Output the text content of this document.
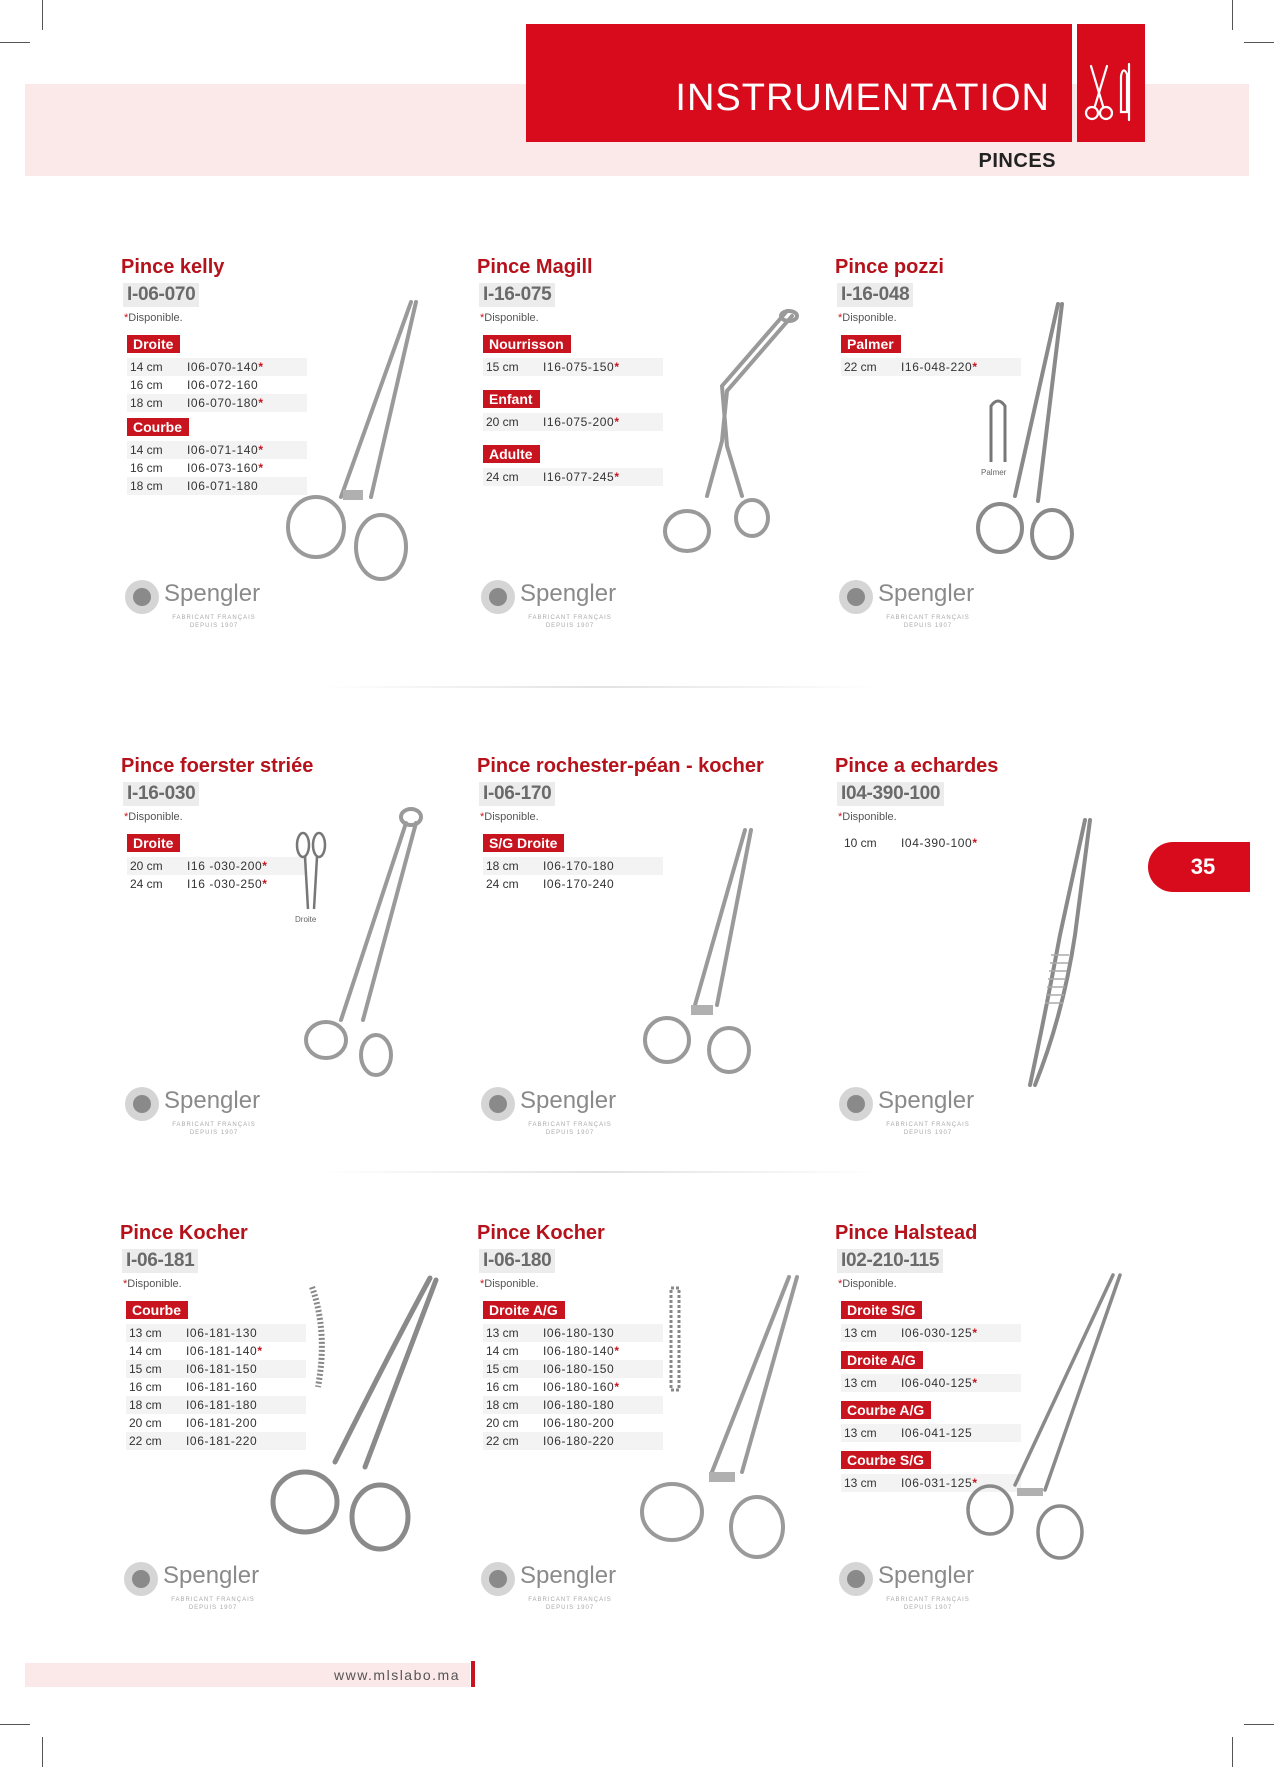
INSTRUMENTATION
PINCES
35
Pince kelly
I-06-070
*Disponible.
Droite
14 cm	I06-070-140*
16 cm	I06-072-160
18 cm	I06-070-180*
Courbe
14 cm	I06-071-140*
16 cm	I06-073-160*
18 cm	I06-071-180
Spengler
FABRICANT FRANÇAIS
DEPUIS 1907
Pince Magill
I-16-075
*Disponible.
Nourrisson
15 cm	I16-075-150*
Enfant
20 cm	I16-075-200*
Adulte
24 cm	I16-077-245*
Spengler
FABRICANT FRANÇAIS
DEPUIS 1907
Pince pozzi
I-16-048
*Disponible.
Palmer
22 cm	I16-048-220*
Palmer
Spengler
FABRICANT FRANÇAIS
DEPUIS 1907
Pince foerster striée
I-16-030
*Disponible.
Droite
20 cm	I16 -030-200*
24 cm	I16 -030-250*
Droite
Spengler
FABRICANT FRANÇAIS
DEPUIS 1907
Pince rochester-péan - kocher
I-06-170
*Disponible.
S/G Droite
18 cm	I06-170-180
24 cm	I06-170-240
Spengler
FABRICANT FRANÇAIS
DEPUIS 1907
Pince a echardes
I04-390-100
*Disponible.
10 cm	I04-390-100*
Spengler
FABRICANT FRANÇAIS
DEPUIS 1907
Pince Kocher
I-06-181
*Disponible.
Courbe
13 cm	I06-181-130
14 cm	I06-181-140*
15 cm	I06-181-150
16 cm	I06-181-160
18 cm	I06-181-180
20 cm	I06-181-200
22 cm	I06-181-220
Spengler
FABRICANT FRANÇAIS
DEPUIS 1907
Pince Kocher
I-06-180
*Disponible.
Droite A/G
13 cm	I06-180-130
14 cm	I06-180-140*
15 cm	I06-180-150
16 cm	I06-180-160*
18 cm	I06-180-180
20 cm	I06-180-200
22 cm	I06-180-220
Spengler
FABRICANT FRANÇAIS
DEPUIS 1907
Pince Halstead
I02-210-115
*Disponible.
Droite S/G
13 cm	I06-030-125*
Droite A/G
13 cm	I06-040-125*
Courbe A/G
13 cm	I06-041-125
Courbe S/G
13 cm	I06-031-125*
Spengler
FABRICANT FRANÇAIS
DEPUIS 1907
www.mlslabo.ma
